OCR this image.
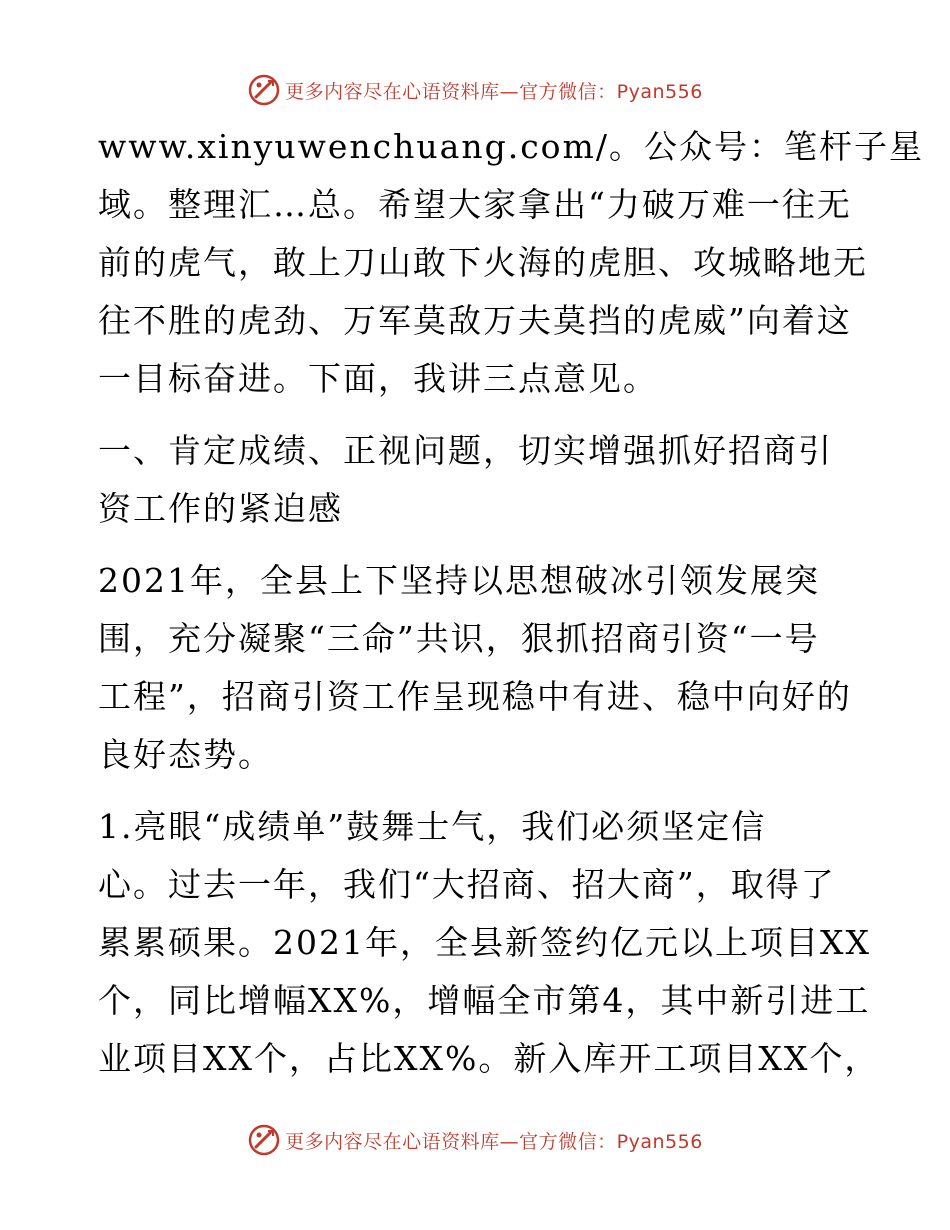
更多内容尽在心语资料库—官方微信：Pyan556

www.xinyuwenchuang.com/。公众号：笔杆子星
域。整理汇…总。希望大家拿出“力破万难一往无
前的虎气，敢上刀山敢下火海的虎胆、攻城略地无
往不胜的虎劲、万军莫敌万夫莫挡的虎威”向着这
一目标奋进。下面，我讲三点意见。

一、肯定成绩、正视问题，切实增强抓好招商引
资工作的紧迫感

2021年，全县上下坚持以思想破冰引领发展突
围，充分凝聚“三命”共识，狠抓招商引资“一号
工程”，招商引资工作呈现稳中有进、稳中向好的
良好态势。

1.亮眼“成绩单”鼓舞士气，我们必须坚定信
心。过去一年，我们“大招商、招大商”，取得了
累累硕果。2021年，全县新签约亿元以上项目XX
个，同比增幅XX%，增幅全市第4，其中新引进工
业项目XX个，占比XX%。新入库开工项目XX个，

更多内容尽在心语资料库—官方微信：Pyan556
